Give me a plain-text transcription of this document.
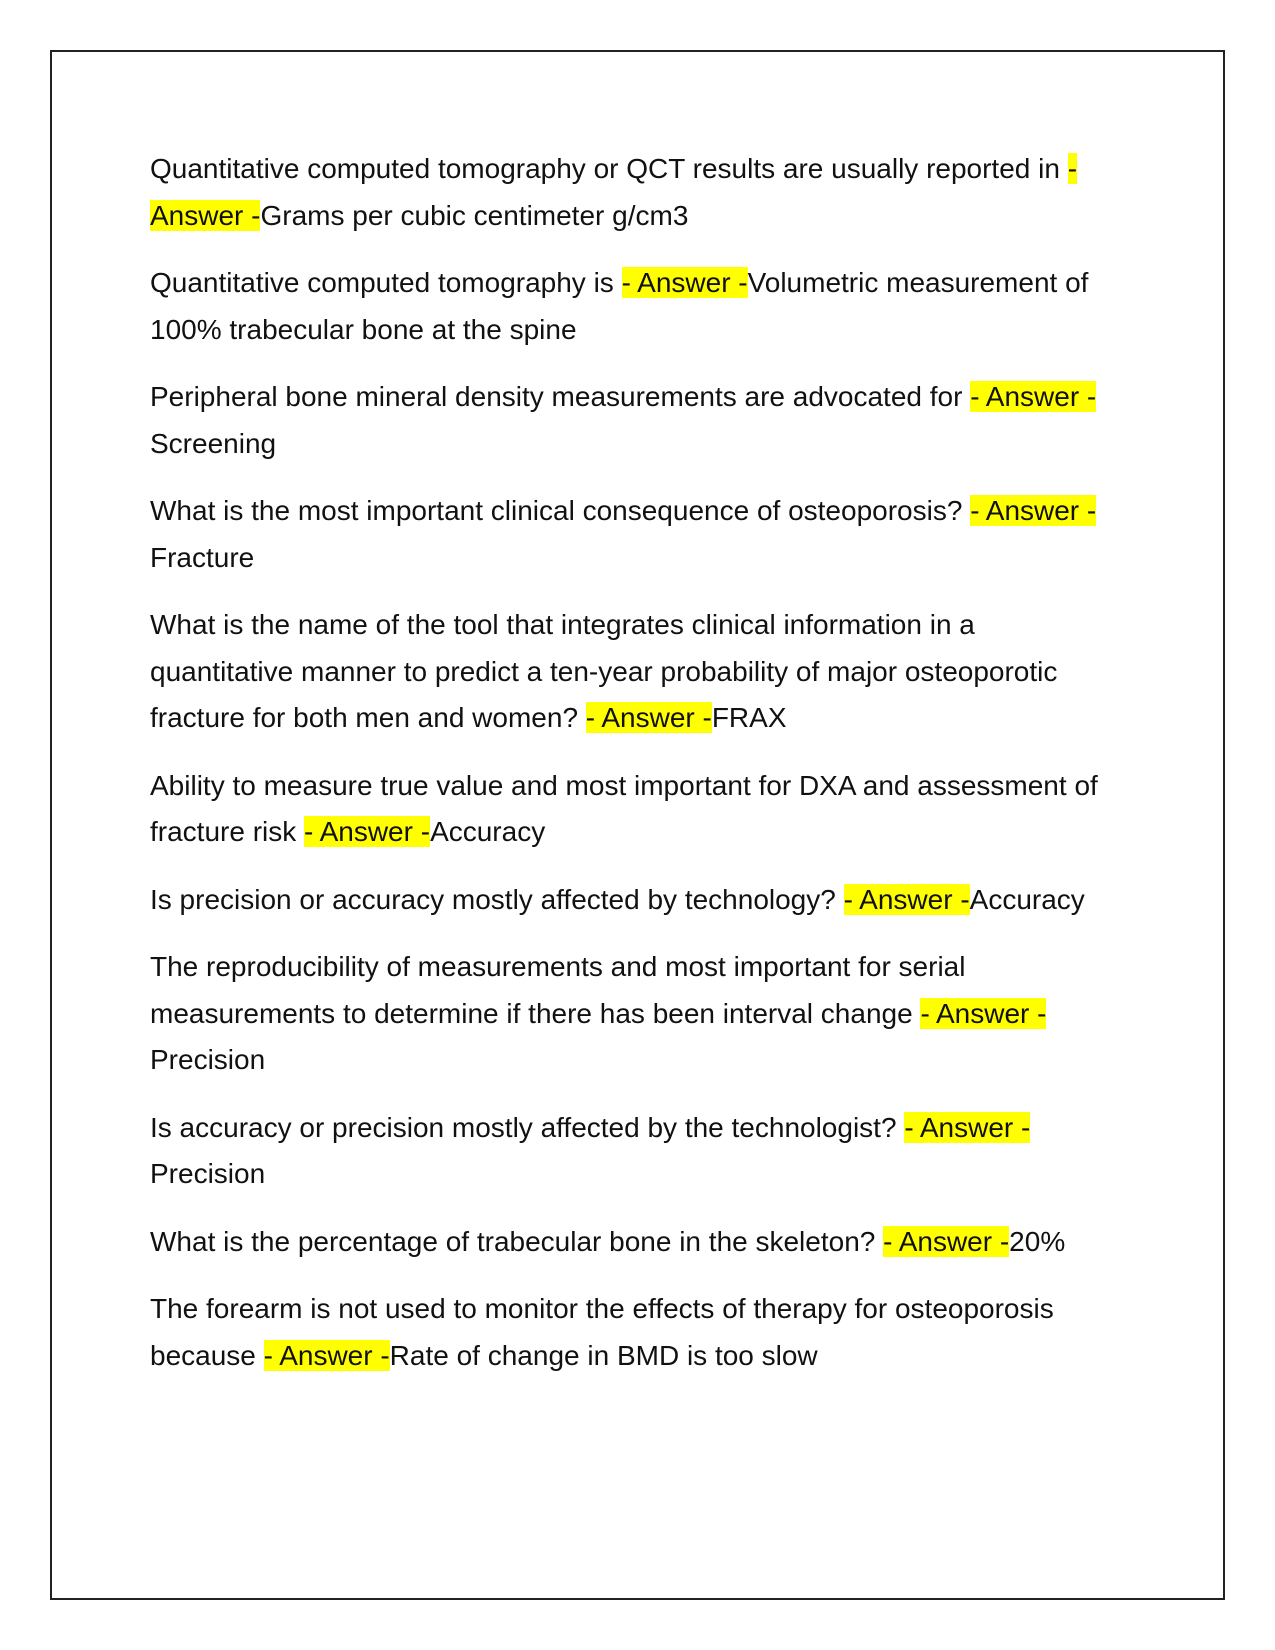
Quantitative computed tomography or QCT results are usually reported in - Answer -Grams per cubic centimeter g/cm3

Quantitative computed tomography is - Answer -Volumetric measurement of 100% trabecular bone at the spine

Peripheral bone mineral density measurements are advocated for - Answer -Screening

What is the most important clinical consequence of osteoporosis? - Answer -Fracture

What is the name of the tool that integrates clinical information in a quantitative manner to predict a ten-year probability of major osteoporotic fracture for both men and women? - Answer -FRAX

Ability to measure true value and most important for DXA and assessment of fracture risk - Answer -Accuracy

Is precision or accuracy mostly affected by technology? - Answer -Accuracy

The reproducibility of measurements and most important for serial measurements to determine if there has been interval change - Answer -Precision

Is accuracy or precision mostly affected by the technologist? - Answer -Precision

What is the percentage of trabecular bone in the skeleton? - Answer -20%

The forearm is not used to monitor the effects of therapy for osteoporosis because - Answer -Rate of change in BMD is too slow
